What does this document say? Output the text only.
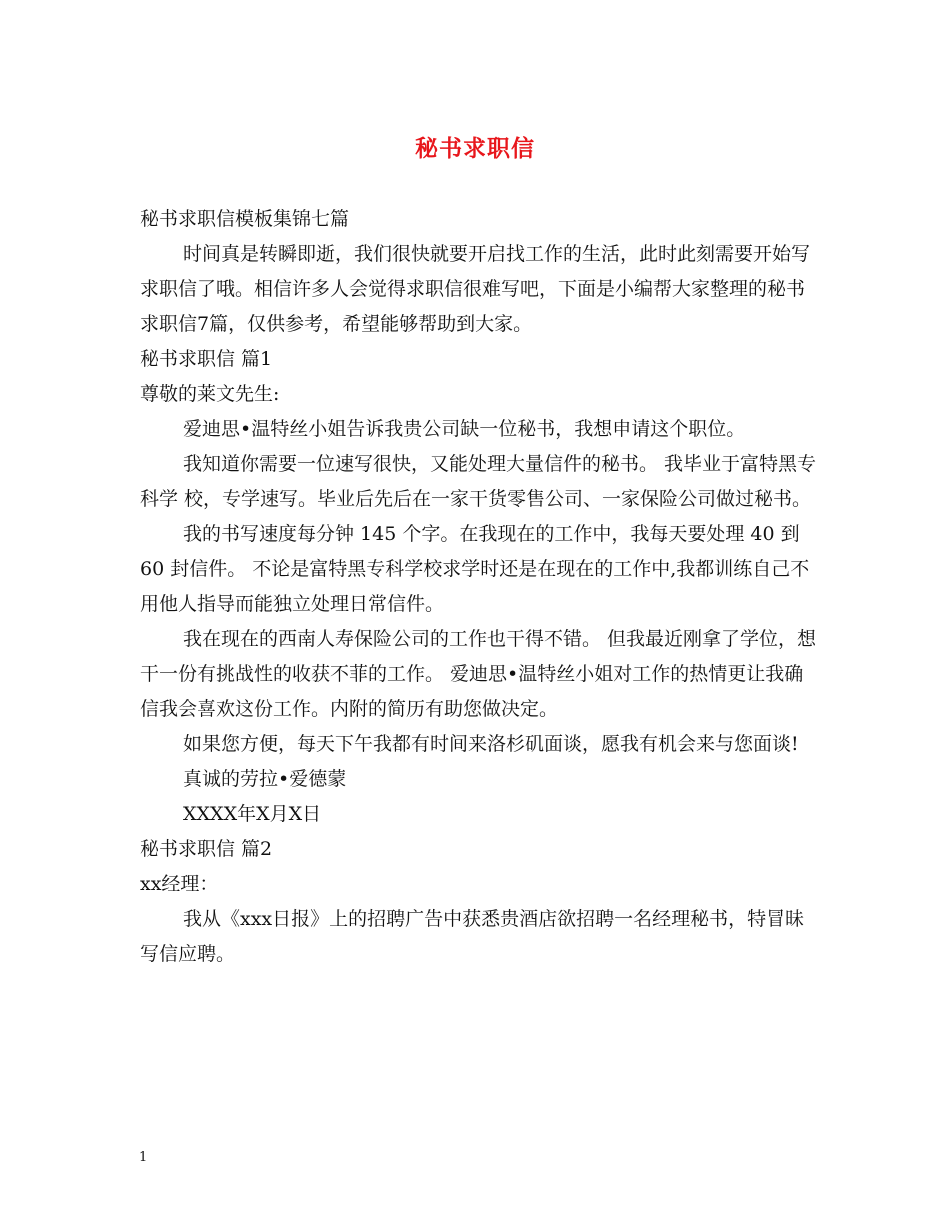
秘书求职信

秘书求职信模板集锦七篇

时间真是转瞬即逝，我们很快就要开启找工作的生活，此时此刻需要开始写求职信了哦。相信许多人会觉得求职信很难写吧，下面是小编帮大家整理的秘书求职信7篇，仅供参考，希望能够帮助到大家。

秘书求职信 篇1

尊敬的莱文先生:

爱迪思•温特丝小姐告诉我贵公司缺一位秘书，我想申请这个职位。

我知道你需要一位速写很快，又能处理大量信件的秘书。 我毕业于富特黑专科学 校，专学速写。毕业后先后在一家干货零售公司、一家保险公司做过秘书。

我的书写速度每分钟 145 个字。在我现在的工作中，我每天要处理 40 到 60 封信件。 不论是富特黑专科学校求学时还是在现在的工作中,我都训练自己不 用他人指导而能独立处理日常信件。

我在现在的西南人寿保险公司的工作也干得不错。 但我最近刚拿了学位，想 干一份有挑战性的收获不菲的工作。 爱迪思•温特丝小姐对工作的热情更让我确 信我会喜欢这份工作。内附的简历有助您做决定。

如果您方便，每天下午我都有时间来洛杉矶面谈，愿我有机会来与您面谈!

真诚的劳拉•爱德蒙

XXXX年X月X日

秘书求职信 篇2

xx经理：

我从《xxx日报》上的招聘广告中获悉贵酒店欲招聘一名经理秘书，特冒昧写信应聘。

1
